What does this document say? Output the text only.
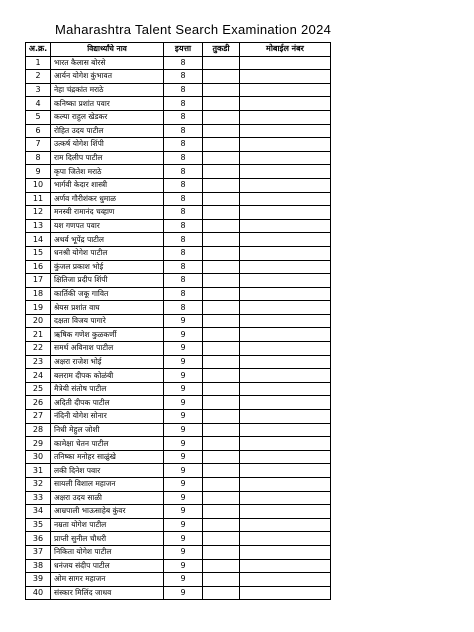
Maharashtra Talent Search Examination 2024
अ.क्र.	विद्यार्थ्यांचे नाव	इयत्ता	तुकडी	मोबाईल नंबर
1	भारत कैलास बोरसे	8		
2	आर्यन योगेश कुंभावत	8		
3	नेहा चंद्रकांत मराठे	8		
4	कनिष्का प्रशांत पवार	8		
5	कल्या राहुल खेडकर	8		
6	रोहित उदय पाटील	8		
7	उत्कर्ष योगेश शिंपी	8		
8	राम दिलीप पाटील	8		
9	कृपा जितेश मराठे	8		
10	भार्गवी केदार शास्त्री	8		
11	अर्णव गौरीशंकर धुमाळ	8		
12	मनस्वी रामानंद चव्हाण	8		
13	यश गणपत पवार	8		
14	अथर्व भूपेंद्र पाटील	8		
15	धनश्री योगेश पाटील	8		
16	कुंजल प्रकाश भोई	8		
17	क्षितिजा प्रदीप शिंपी	8		
18	कार्तिकी जकू गावित	8		
19	श्रेयस प्रशांत वाघ	8		
20	दक्षता विजय पागारे	9		
21	ऋषिक गणेश कुळकर्णी	9		
22	समर्थ अविनाश पाटील	9		
23	अक्षरा राजेश भोई	9		
24	बलराम दीपक कोळंबी	9		
25	मैत्रेयी संतोष पाटील	9		
26	अदिती दीपक पाटील	9		
27	नंदिनी योगेश सोनार	9		
28	निधी मेहुल जोशी	9		
29	कामेक्षा चेतन पाटील	9		
30	तनिष्का मनोहर साळुंखे	9		
31	लकी दिनेश पवार	9		
32	सायली विशाल महाजन	9		
33	अक्षरा उदय साळी	9		
34	आम्रपाली भाऊसाहेब कुंवर	9		
35	नम्रता योगेश पाटील	9		
36	प्राप्ती सुनील चौधरी	9		
37	निकिता योगेश पाटील	9		
38	धनंजय संदीप पाटील	9		
39	ओम सागर महाजन	9		
40	संस्कार मिलिंद जाधव	9		
